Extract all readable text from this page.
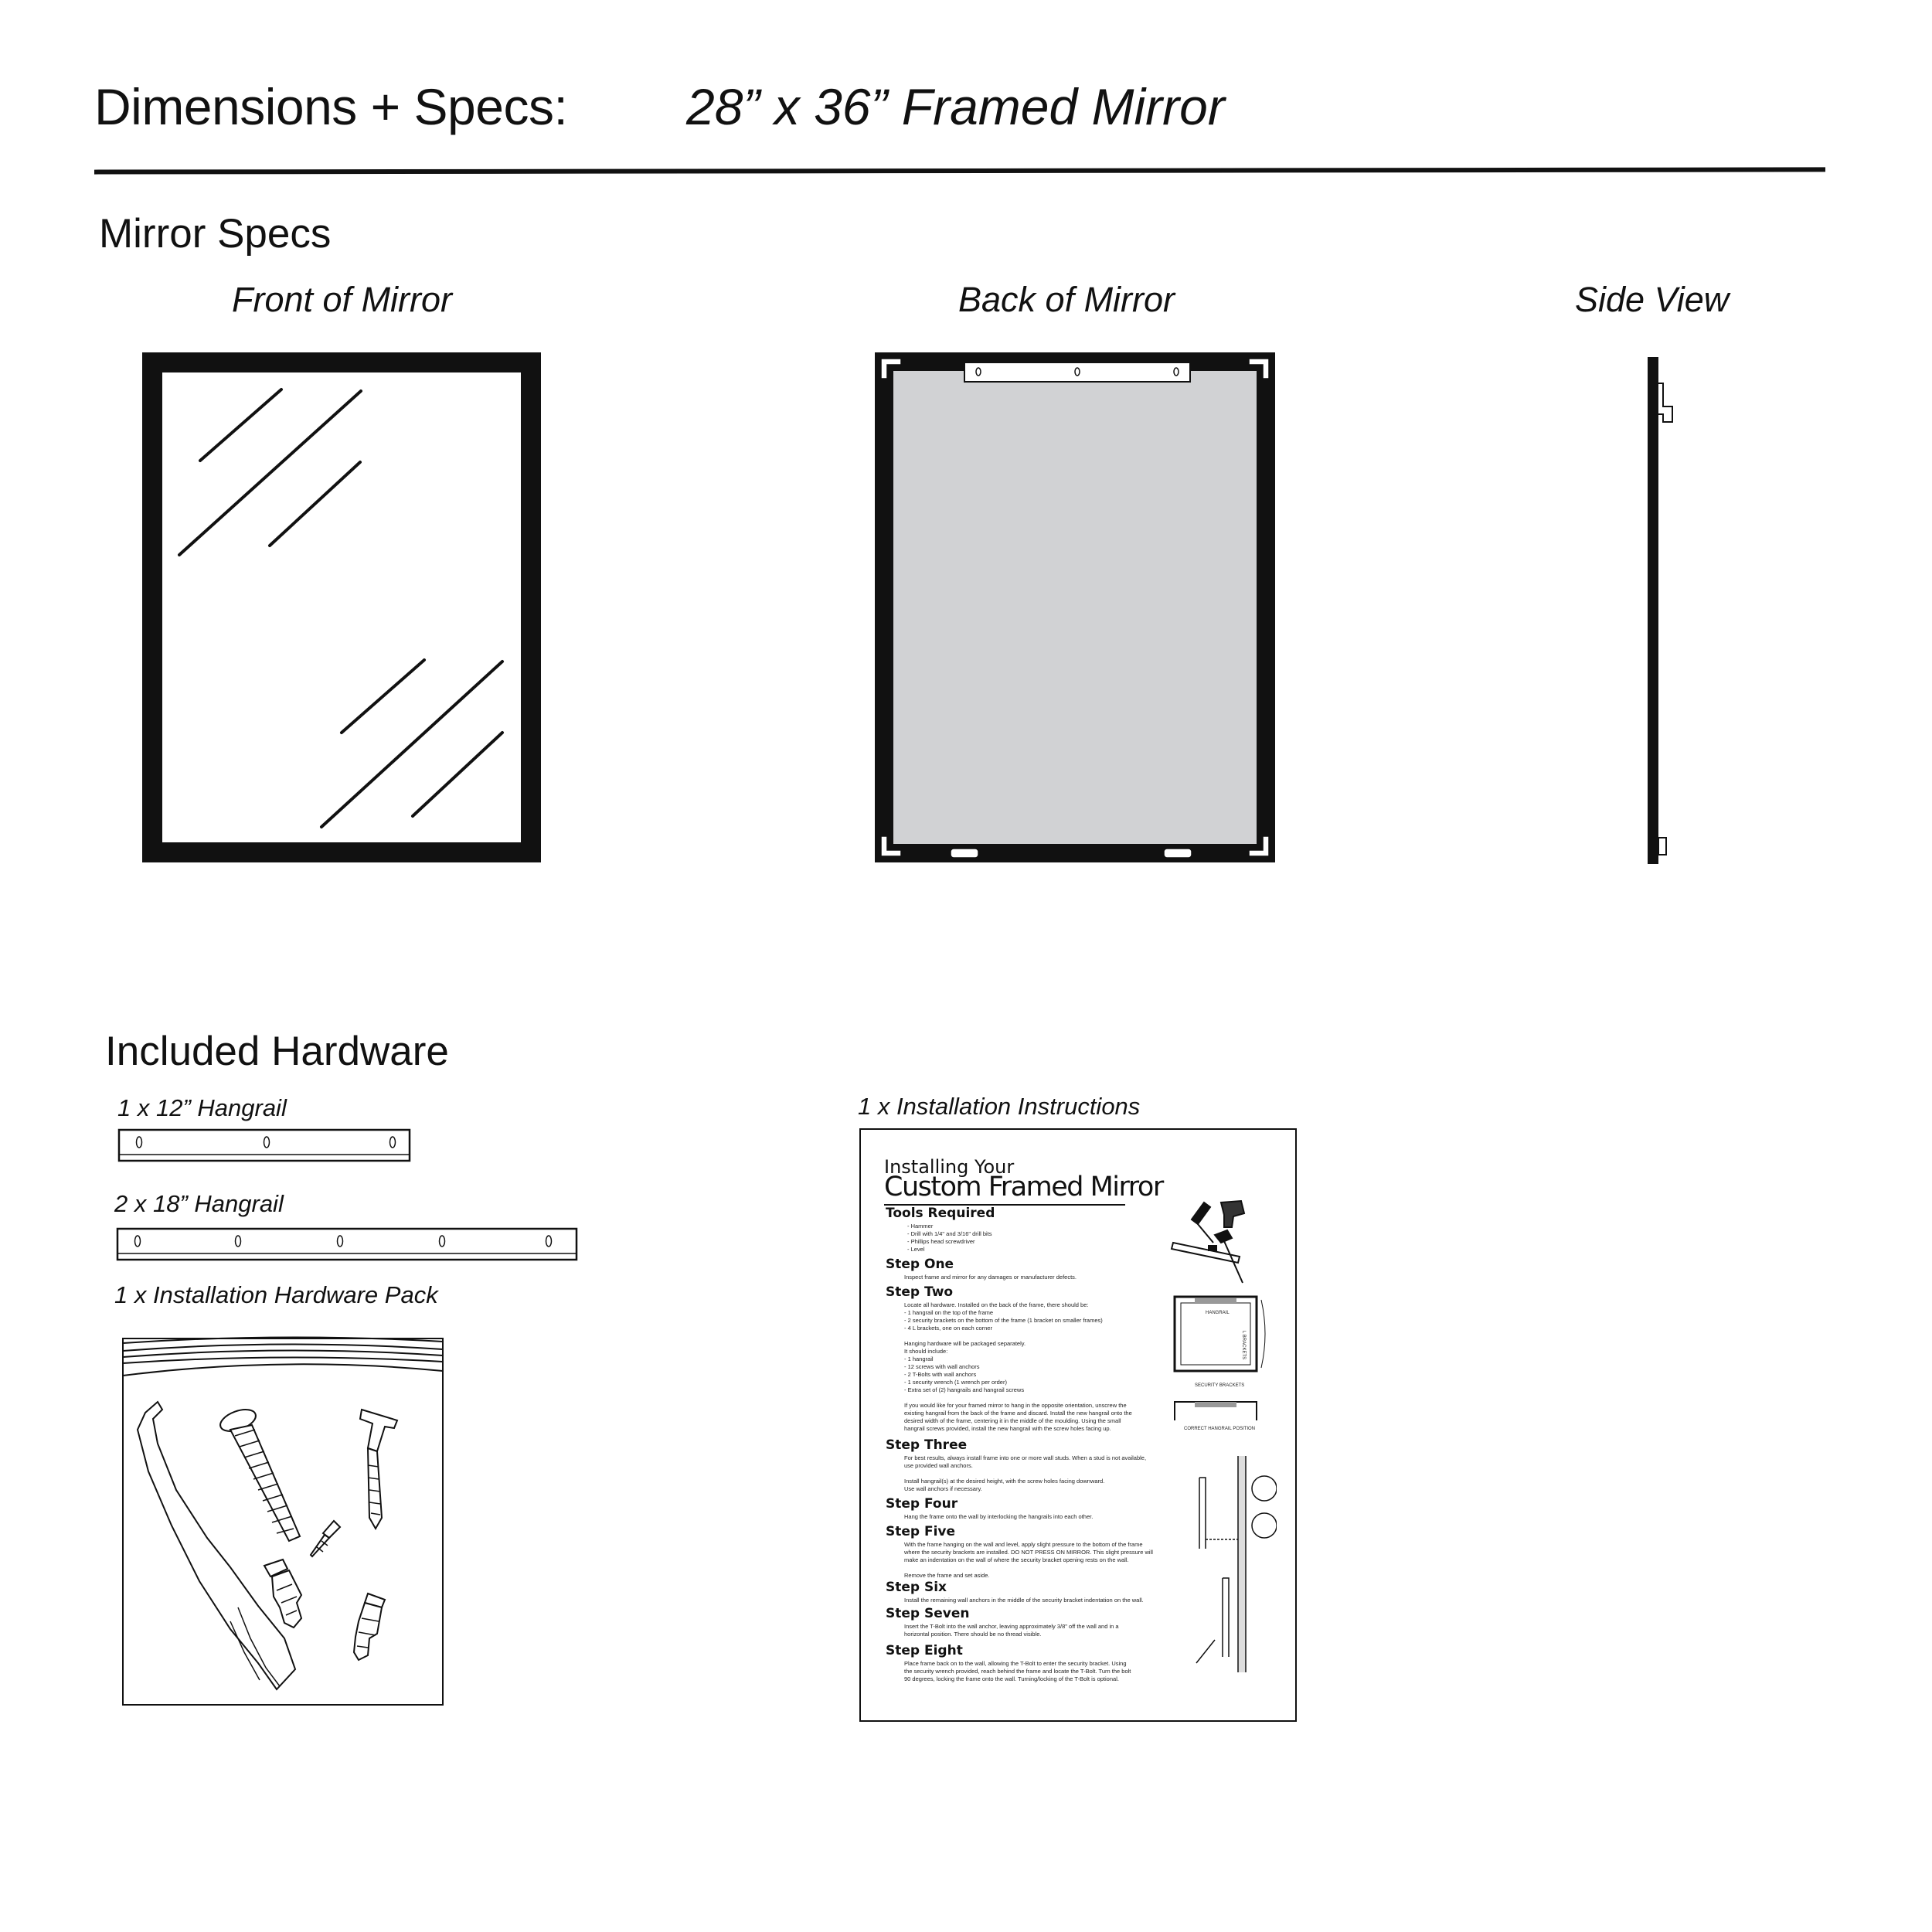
Dimensions + Specs: 28” x 36” Framed Mirror
Mirror Specs
Front of Mirror	Back of Mirror	Side View
Included Hardware
1 x 12” Hangrail
2 x 18” Hangrail
1 x Installation Hardware Pack
1 x Installation Instructions
Installing Your
Custom Framed Mirror
Tools Required
- Hammer
- Drill with 1/4" and 3/16" drill bits
- Phillips head screwdriver
- Level
Step One
Inspect frame and mirror for any damages or manufacturer defects.
Step Two
Locate all hardware. Installed on the back of the frame, there should be:
- 1 hangrail on the top of the frame
- 2 security brackets on the bottom of the frame (1 bracket on smaller frames)
- 4 L brackets, one on each corner

Hanging hardware will be packaged separately.
It should include:
- 1 hangrail
- 12 screws with wall anchors
- 2 T-Bolts with wall anchors
- 1 security wrench (1 wrench per order)
- Extra set of (2) hangrails and hangrail screws

If you would like for your framed mirror to hang in the opposite orientation, unscrew the
existing hangrail from the back of the frame and discard. Install the new hangrail onto the
desired width of the frame, centering it in the middle of the moulding. Using the small
hangrail screws provided, install the new hangrail with the screw holes facing up.
Step Three
For best results, always install frame into one or more wall studs. When a stud is not available,
use provided wall anchors.

Install hangrail(s) at the desired height, with the screw holes facing downward.
Use wall anchors if necessary.
Step Four
Hang the frame onto the wall by interlocking the hangrails into each other.
Step Five
With the frame hanging on the wall and level, apply slight pressure to the bottom of the frame
where the security brackets are installed. DO NOT PRESS ON MIRROR. This slight pressure will
make an indentation on the wall of where the security bracket opening rests on the wall.

Remove the frame and set aside.
Step Six
Install the remaining wall anchors in the middle of the security bracket indentation on the wall.
Step Seven
Insert the T-Bolt into the wall anchor, leaving approximately 3/8" off the wall and in a
horizontal position. There should be no thread visible.
Step Eight
Place frame back on to the wall, allowing the T-Bolt to enter the security bracket. Using
the security wrench provided, reach behind the frame and locate the T-Bolt. Turn the bolt
90 degrees, locking the frame onto the wall. Turning/locking of the T-Bolt is optional.
HANGRAIL
L BRACKETS
SECURITY BRACKETS
CORRECT HANGRAIL POSITION
